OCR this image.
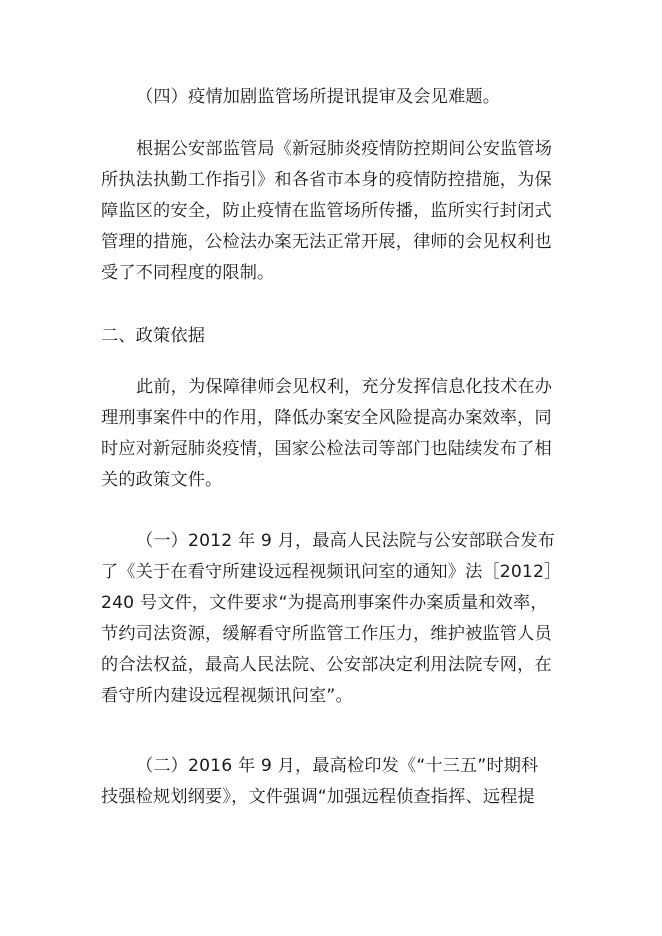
（四）疫情加剧监管场所提讯提审及会见难题。
根据公安部监管局《新冠肺炎疫情防控期间公安监管场
所执法执勤工作指引》和各省市本身的疫情防控措施，为保
障监区的安全，防止疫情在监管场所传播，监所实行封闭式
管理的措施，公检法办案无法正常开展，律师的会见权利也
受了不同程度的限制。
二、政策依据
此前，为保障律师会见权利，充分发挥信息化技术在办
理刑事案件中的作用，降低办案安全风险提高办案效率，同
时应对新冠肺炎疫情，国家公检法司等部门也陆续发布了相
关的政策文件。
（一）2012 年 9 月，最高人民法院与公安部联合发布
了《关于在看守所建设远程视频讯问室的通知》法［2012］
240 号文件，文件要求“为提高刑事案件办案质量和效率，
节约司法资源，缓解看守所监管工作压力，维护被监管人员
的合法权益，最高人民法院、公安部决定利用法院专网，在
看守所内建设远程视频讯问室”。
（二）2016 年 9 月，最高检印发《“十三五”时期科
技强检规划纲要》，文件强调“加强远程侦查指挥、远程提
